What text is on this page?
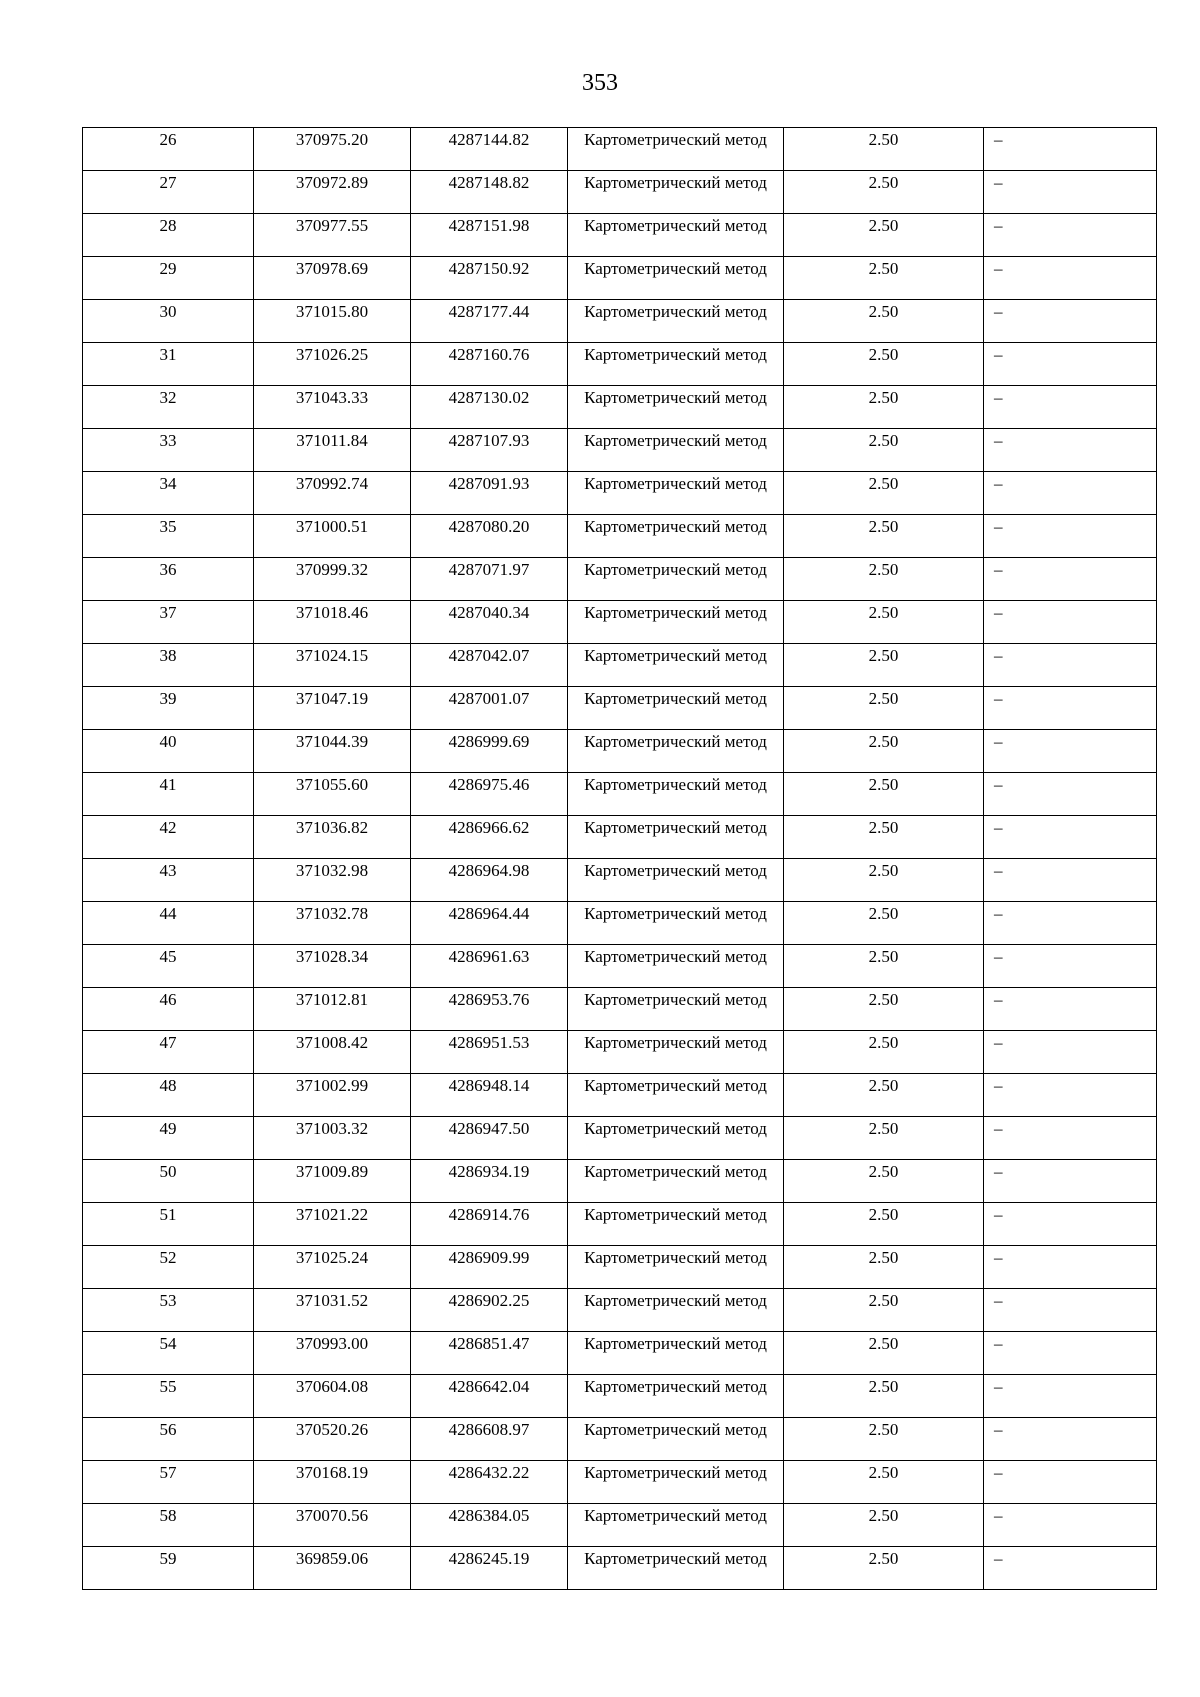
353
26	370975.20	4287144.82	Картометрический метод	2.50	–

27	370972.89	4287148.82	Картометрический метод	2.50	–

28	370977.55	4287151.98	Картометрический метод	2.50	–

29	370978.69	4287150.92	Картометрический метод	2.50	–

30	371015.80	4287177.44	Картометрический метод	2.50	–

31	371026.25	4287160.76	Картометрический метод	2.50	–

32	371043.33	4287130.02	Картометрический метод	2.50	–

33	371011.84	4287107.93	Картометрический метод	2.50	–

34	370992.74	4287091.93	Картометрический метод	2.50	–

35	371000.51	4287080.20	Картометрический метод	2.50	–

36	370999.32	4287071.97	Картометрический метод	2.50	–

37	371018.46	4287040.34	Картометрический метод	2.50	–

38	371024.15	4287042.07	Картометрический метод	2.50	–

39	371047.19	4287001.07	Картометрический метод	2.50	–

40	371044.39	4286999.69	Картометрический метод	2.50	–

41	371055.60	4286975.46	Картометрический метод	2.50	–

42	371036.82	4286966.62	Картометрический метод	2.50	–

43	371032.98	4286964.98	Картометрический метод	2.50	–

44	371032.78	4286964.44	Картометрический метод	2.50	–

45	371028.34	4286961.63	Картометрический метод	2.50	–

46	371012.81	4286953.76	Картометрический метод	2.50	–

47	371008.42	4286951.53	Картометрический метод	2.50	–

48	371002.99	4286948.14	Картометрический метод	2.50	–

49	371003.32	4286947.50	Картометрический метод	2.50	–

50	371009.89	4286934.19	Картометрический метод	2.50	–

51	371021.22	4286914.76	Картометрический метод	2.50	–

52	371025.24	4286909.99	Картометрический метод	2.50	–

53	371031.52	4286902.25	Картометрический метод	2.50	–

54	370993.00	4286851.47	Картометрический метод	2.50	–

55	370604.08	4286642.04	Картометрический метод	2.50	–

56	370520.26	4286608.97	Картометрический метод	2.50	–

57	370168.19	4286432.22	Картометрический метод	2.50	–

58	370070.56	4286384.05	Картометрический метод	2.50	–

59	369859.06	4286245.19	Картометрический метод	2.50	–
